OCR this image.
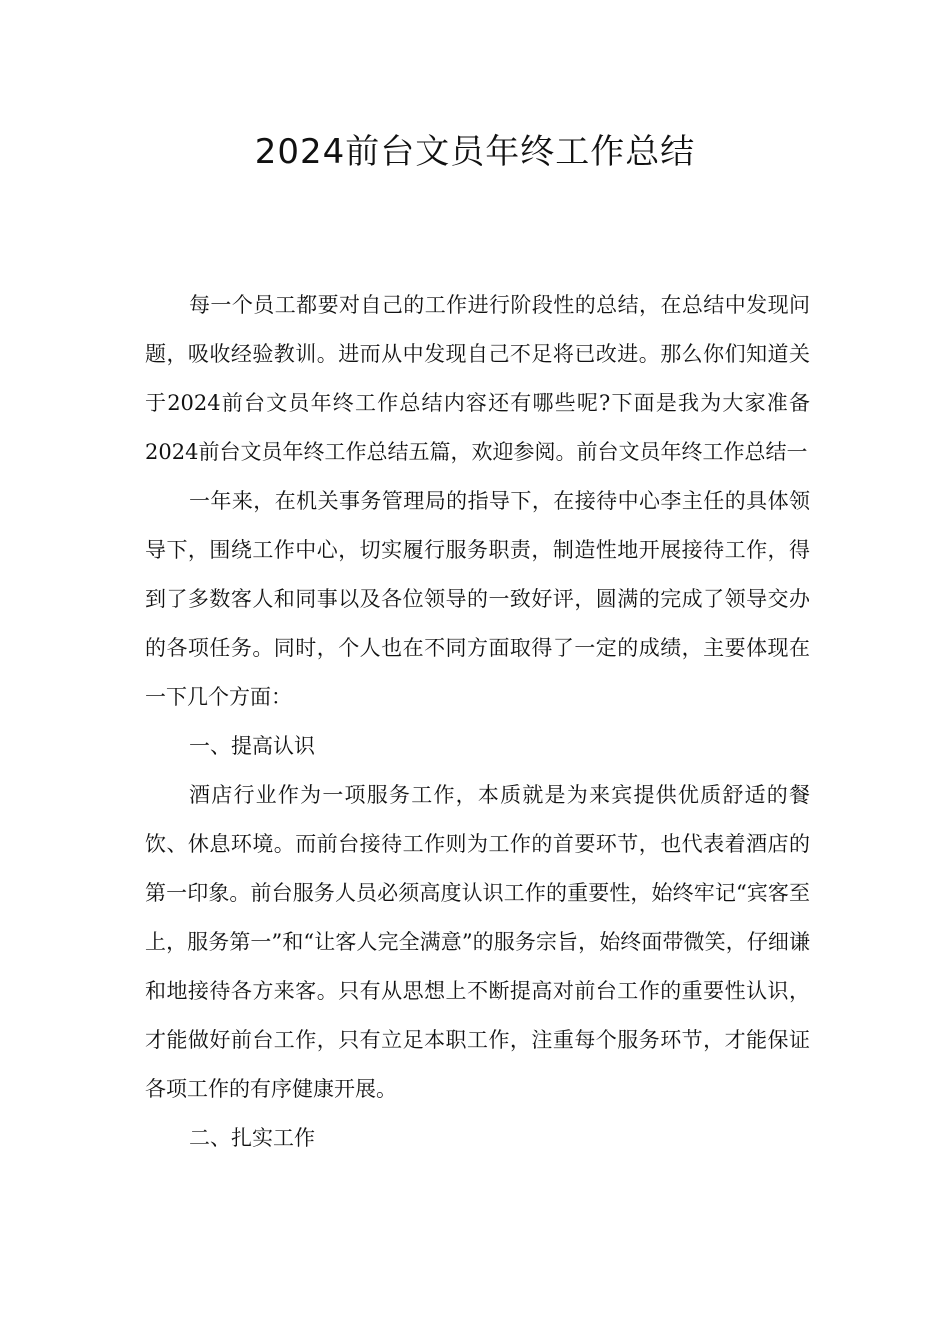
2024前台文员年终工作总结

每一个员工都要对自己的工作进行阶段性的总结，在总结中发现问题，吸收经验教训。进而从中发现自己不足将已改进。那么你们知道关于2024前台文员年终工作总结内容还有哪些呢?下面是我为大家准备2024前台文员年终工作总结五篇，欢迎参阅。前台文员年终工作总结一

一年来，在机关事务管理局的指导下，在接待中心李主任的具体领导下，围绕工作中心，切实履行服务职责，制造性地开展接待工作，得到了多数客人和同事以及各位领导的一致好评，圆满的完成了领导交办的各项任务。同时，个人也在不同方面取得了一定的成绩，主要体现在一下几个方面：

一、提高认识

酒店行业作为一项服务工作，本质就是为来宾提供优质舒适的餐饮、休息环境。而前台接待工作则为工作的首要环节，也代表着酒店的第一印象。前台服务人员必须高度认识工作的重要性，始终牢记“宾客至上，服务第一”和“让客人完全满意”的服务宗旨，始终面带微笑，仔细谦和地接待各方来客。只有从思想上不断提高对前台工作的重要性认识，才能做好前台工作，只有立足本职工作，注重每个服务环节，才能保证各项工作的有序健康开展。

二、扎实工作
